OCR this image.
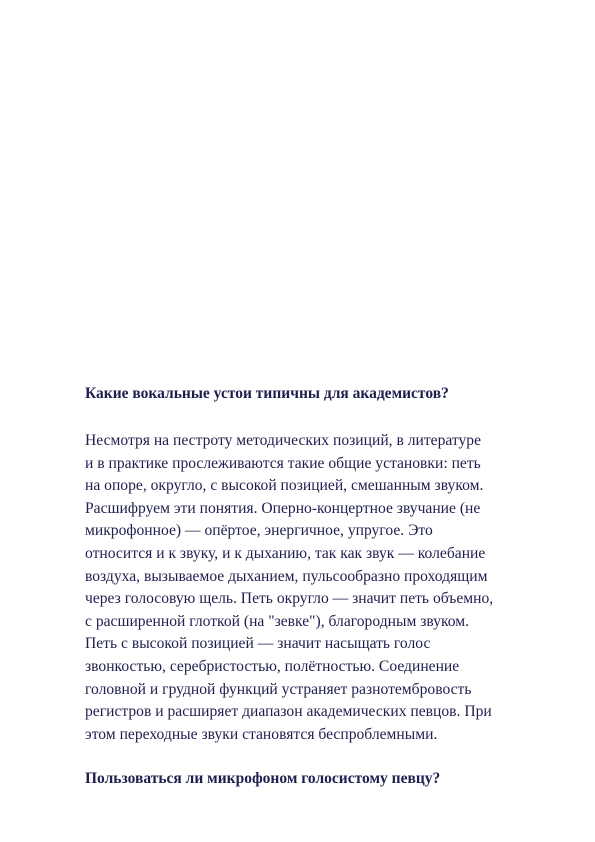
Какие вокальные устои типичны для академистов?

Несмотря на пестроту методических позиций, в литературе
и в практике прослеживаются такие общие установки: петь
на опоре, округло, с высокой позицией, смешанным звуком.
Расшифруем эти понятия. Оперно-концертное звучание (не
микрофонное) — опёртое, энергичное, упругое. Это
относится и к звуку, и к дыханию, так как звук — колебание
воздуха, вызываемое дыханием, пульсообразно проходящим
через голосовую щель. Петь округло — значит петь объемно,
с расширенной глоткой (на "зевке"), благородным звуком.
Петь с высокой позицией — значит насыщать голос
звонкостью, серебристостью, полётностью. Соединение
головной и грудной функций устраняет разнотембровость
регистров и расширяет диапазон академических певцов. При
этом переходные звуки становятся беспроблемными.

Пользоваться ли микрофоном голосистому певцу?
